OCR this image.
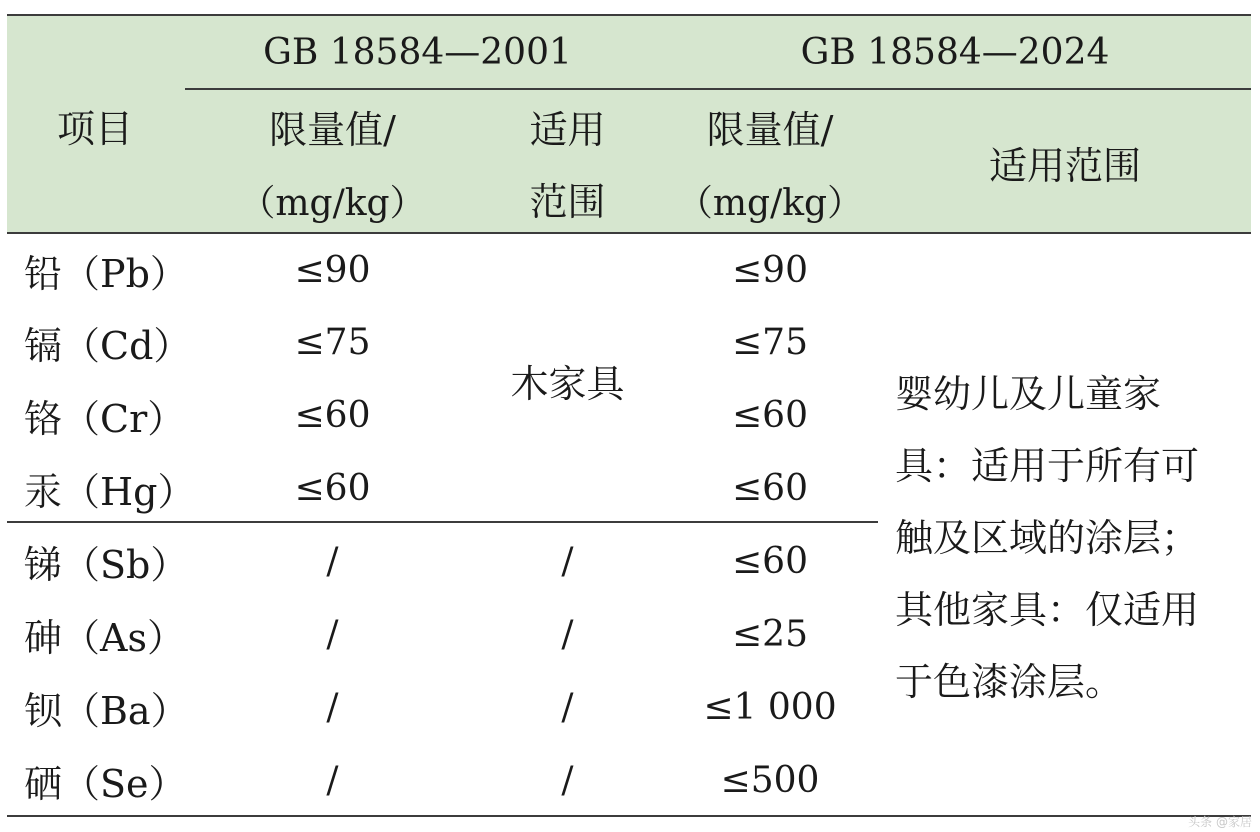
项目
GB 18584—2001	GB 18584—2024
限量值/
（mg/kg）
适用
范围
限量值/
（mg/kg）
适用范围
铅（Pb）
镉（Cd）
铬（Cr）
汞（Hg）
锑（Sb）
砷（As）
钡（Ba）
硒（Se）
≤90
≤75
≤60
≤60
/
/
/
/
木家具
/
/
/
/
≤90
≤75
≤60
≤60
≤60
≤25
≤1 000
≤500
婴幼儿及儿童家具：适用于所有可触及区域的涂层；其他家具：仅适用于色漆涂层。
头条 @家居
